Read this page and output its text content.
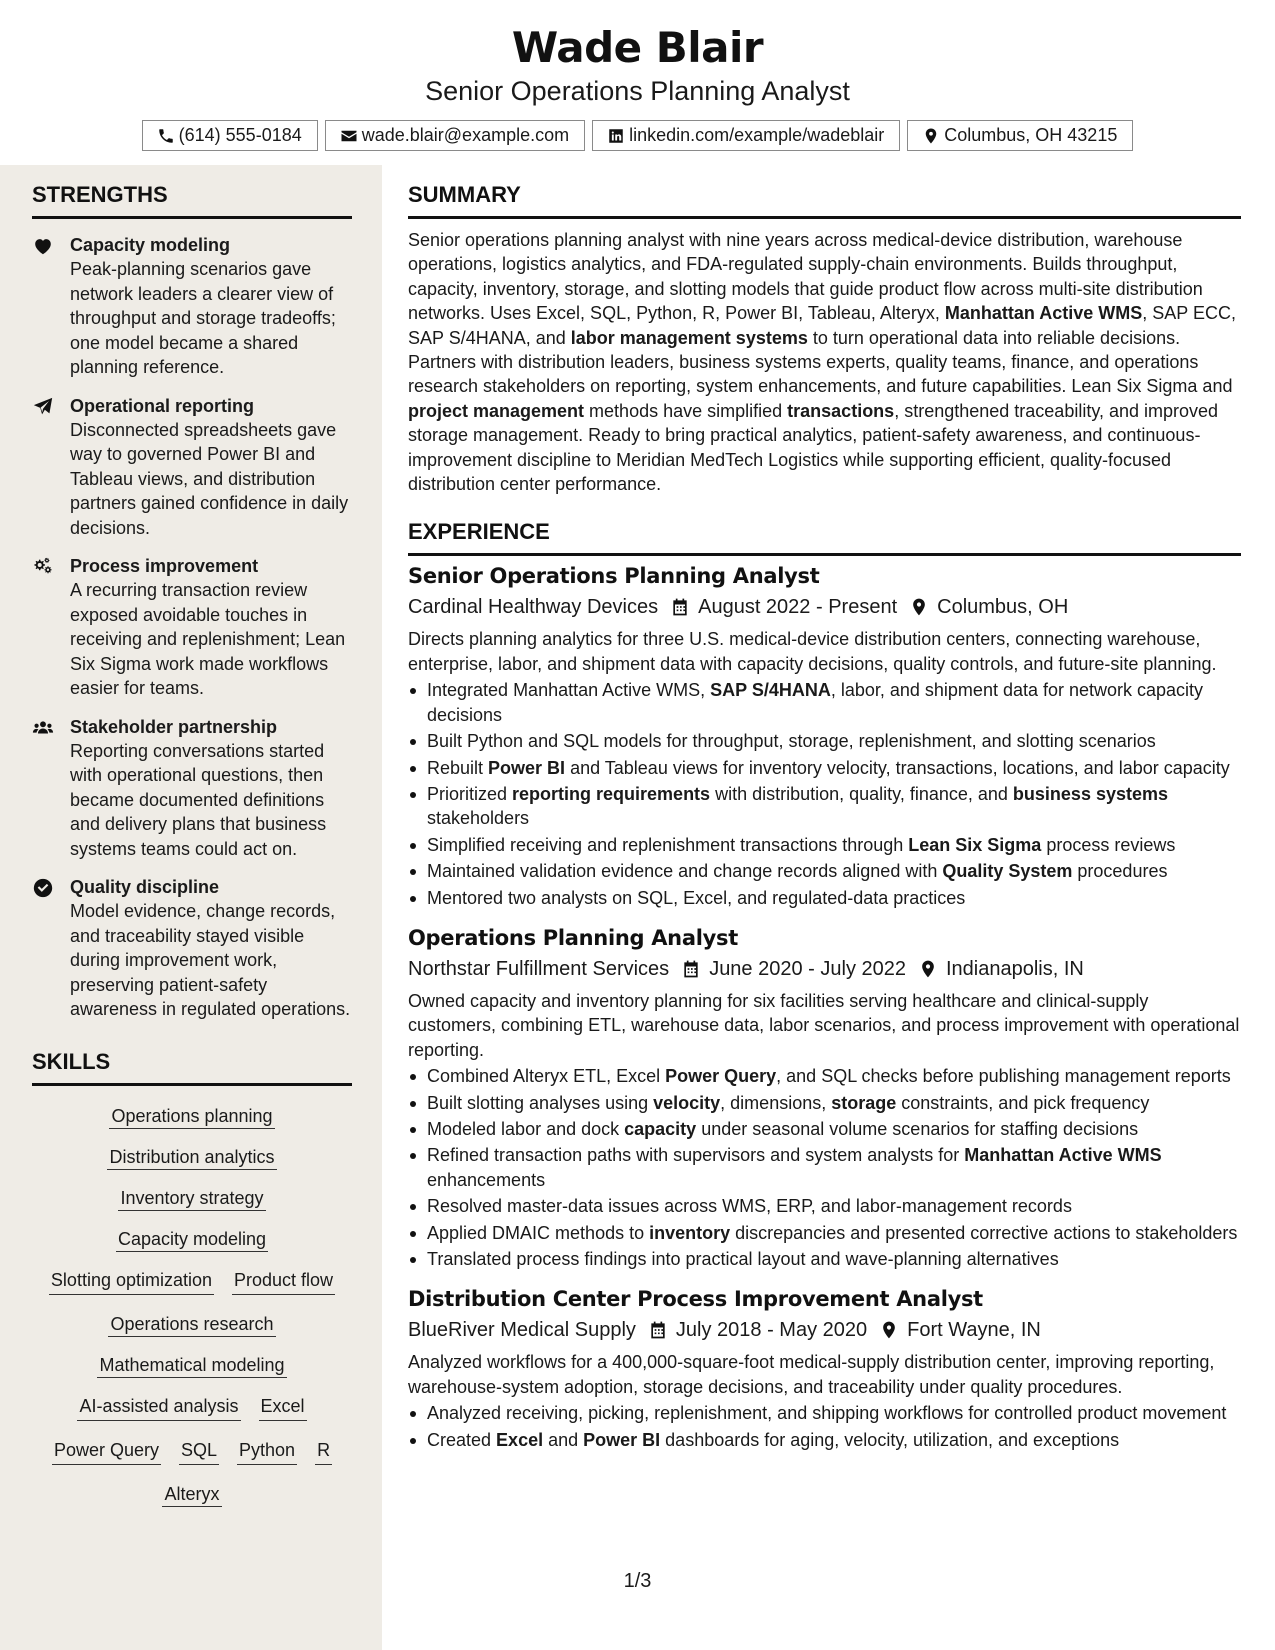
Wade Blair
Senior Operations Planning Analyst
(614) 555-0184	wade.blair@example.com	linkedin.com/example/wadeblair	Columbus, OH 43215
STRENGTHS
Capacity modeling
Peak-planning scenarios gave network leaders a clearer view of throughput and storage tradeoffs; one model became a shared planning reference.
Operational reporting
Disconnected spreadsheets gave way to governed Power BI and Tableau views, and distribution partners gained confidence in daily decisions.
Process improvement
A recurring transaction review exposed avoidable touches in receiving and replenishment; Lean Six Sigma work made workflows easier for teams.
Stakeholder partnership
Reporting conversations started with operational questions, then became documented definitions and delivery plans that business systems teams could act on.
Quality discipline
Model evidence, change records, and traceability stayed visible during improvement work, preserving patient-safety awareness in regulated operations.
SKILLS
Operations planning
Distribution analytics
Inventory strategy
Capacity modeling
Slotting optimization Product flow
Operations research
Mathematical modeling
AI-assisted analysis Excel
Power Query SQL Python R
Alteryx
SUMMARY
Senior operations planning analyst with nine years across medical-device distribution, warehouse operations, logistics analytics, and FDA-regulated supply-chain environments. Builds throughput, capacity, inventory, storage, and slotting models that guide product flow across multi-site distribution networks. Uses Excel, SQL, Python, R, Power BI, Tableau, Alteryx, Manhattan Active WMS, SAP ECC, SAP S/4HANA, and labor management systems to turn operational data into reliable decisions. Partners with distribution leaders, business systems experts, quality teams, finance, and operations research stakeholders on reporting, system enhancements, and future capabilities. Lean Six Sigma and project management methods have simplified transactions, strengthened traceability, and improved storage management. Ready to bring practical analytics, patient-safety awareness, and continuous-improvement discipline to Meridian MedTech Logistics while supporting efficient, quality-focused distribution center performance.
EXPERIENCE
Senior Operations Planning Analyst
Cardinal Healthway Devices August 2022 - Present Columbus, OH
Directs planning analytics for three U.S. medical-device distribution centers, connecting warehouse, enterprise, labor, and shipment data with capacity decisions, quality controls, and future-site planning.
Integrated Manhattan Active WMS, SAP S/4HANA, labor, and shipment data for network capacity decisions
Built Python and SQL models for throughput, storage, replenishment, and slotting scenarios
Rebuilt Power BI and Tableau views for inventory velocity, transactions, locations, and labor capacity
Prioritized reporting requirements with distribution, quality, finance, and business systems stakeholders
Simplified receiving and replenishment transactions through Lean Six Sigma process reviews
Maintained validation evidence and change records aligned with Quality System procedures
Mentored two analysts on SQL, Excel, and regulated-data practices
Operations Planning Analyst
Northstar Fulfillment Services June 2020 - July 2022 Indianapolis, IN
Owned capacity and inventory planning for six facilities serving healthcare and clinical-supply customers, combining ETL, warehouse data, labor scenarios, and process improvement with operational reporting.
Combined Alteryx ETL, Excel Power Query, and SQL checks before publishing management reports
Built slotting analyses using velocity, dimensions, storage constraints, and pick frequency
Modeled labor and dock capacity under seasonal volume scenarios for staffing decisions
Refined transaction paths with supervisors and system analysts for Manhattan Active WMS enhancements
Resolved master-data issues across WMS, ERP, and labor-management records
Applied DMAIC methods to inventory discrepancies and presented corrective actions to stakeholders
Translated process findings into practical layout and wave-planning alternatives
Distribution Center Process Improvement Analyst
BlueRiver Medical Supply July 2018 - May 2020 Fort Wayne, IN
Analyzed workflows for a 400,000-square-foot medical-supply distribution center, improving reporting, warehouse-system adoption, storage decisions, and traceability under quality procedures.
Analyzed receiving, picking, replenishment, and shipping workflows for controlled product movement
Created Excel and Power BI dashboards for aging, velocity, utilization, and exceptions
1/3
